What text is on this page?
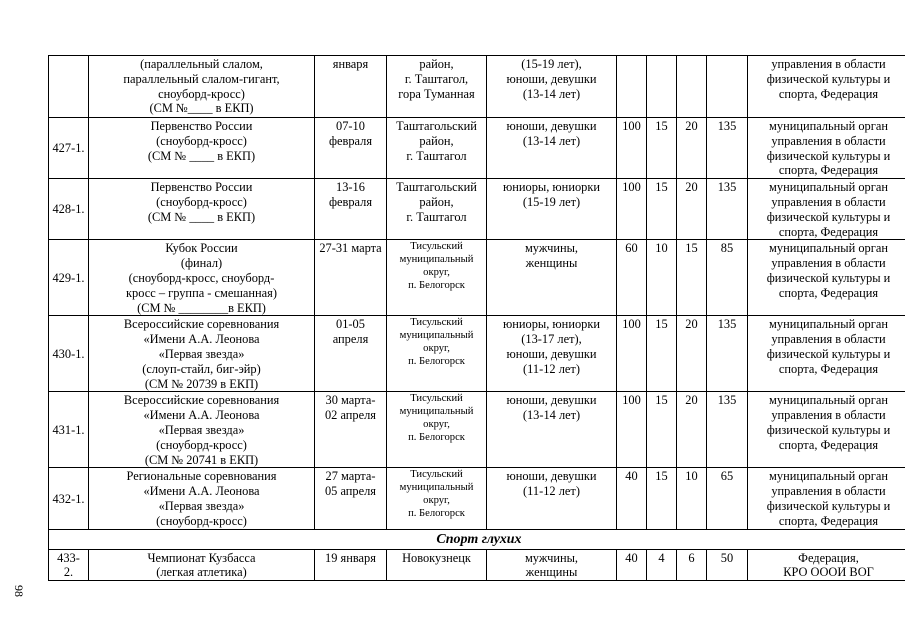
	(параллельный слалом,
параллельный слалом-гигант,
сноуборд-кросс)
(СМ №____ в ЕКП)	января	район,
г. Таштагол,
гора Туманная	(15-19 лет),
юноши, девушки
(13-14 лет)					управления в области
физической культуры и
спорта, Федерация
427-1.	Первенство России
(сноуборд-кросс)
(СМ № ____ в ЕКП)	07-10
февраля	Таштагольский
район,
г. Таштагол	юноши, девушки
(13-14 лет)	100	15	20	135	муниципальный орган
управления в области
физической культуры и
спорта, Федерация
428-1.	Первенство России
(сноуборд-кросс)
(СМ № ____ в ЕКП)	13-16
февраля	Таштагольский
район,
г. Таштагол	юниоры, юниорки
(15-19 лет)	100	15	20	135	муниципальный орган
управления в области
физической культуры и
спорта, Федерация
429-1.	Кубок России
(финал)
(сноуборд-кросс, сноуборд-
кросс – группа - смешанная)
(СМ № ________в ЕКП)	27-31 марта	Тисульский
муниципальный
округ,
п. Белогорск	мужчины,
женщины	60	10	15	85	муниципальный орган
управления в области
физической культуры и
спорта, Федерация
430-1.	Всероссийские соревнования
«Имени А.А. Леонова
«Первая звезда»
(слоуп-стайл, биг-эйр)
(СМ № 20739 в ЕКП)	01-05
апреля	Тисульский
муниципальный
округ,
п. Белогорск	юниоры, юниорки
(13-17 лет),
юноши, девушки
(11-12 лет)	100	15	20	135	муниципальный орган
управления в области
физической культуры и
спорта, Федерация
431-1.	Всероссийские соревнования
«Имени А.А. Леонова
«Первая звезда»
(сноуборд-кросс)
(СМ № 20741 в ЕКП)	30 марта-
02 апреля	Тисульский
муниципальный
округ,
п. Белогорск	юноши, девушки
(13-14 лет)	100	15	20	135	муниципальный орган
управления в области
физической культуры и
спорта, Федерация
432-1.	Региональные соревнования
«Имени А.А. Леонова
«Первая звезда»
(сноуборд-кросс)	27 марта-
05 апреля	Тисульский
муниципальный
округ,
п. Белогорск	юноши, девушки
(11-12 лет)	40	15	10	65	муниципальный орган
управления в области
физической культуры и
спорта, Федерация
Спорт глухих									
433-
2.	Чемпионат Кузбасса
(легкая атлетика)	19 января	Новокузнецк	мужчины,
женщины	40	4	6	50	Федерация,
КРО ОООИ ВОГ
98
